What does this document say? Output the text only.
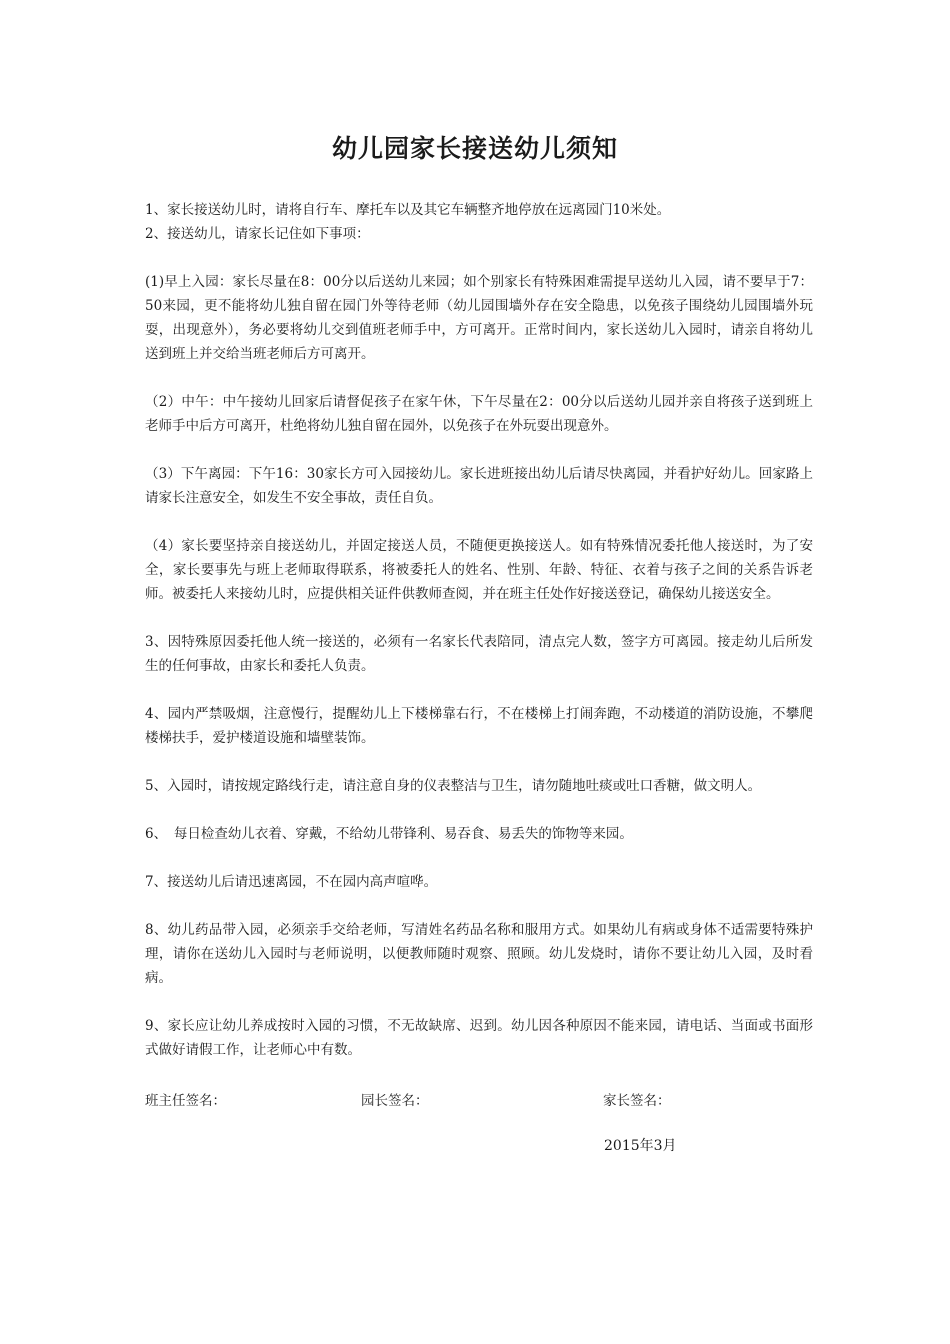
幼儿园家长接送幼儿须知

1、家长接送幼儿时，请将自行车、摩托车以及其它车辆整齐地停放在远离园门10米处。

2、接送幼儿，请家长记住如下事项：

(1)早上入园：家长尽量在8：00分以后送幼儿来园；如个别家长有特殊困难需提早送幼儿入园，请不要早于7：50来园，更不能将幼儿独自留在园门外等待老师（幼儿园围墙外存在安全隐患，以免孩子围绕幼儿园围墙外玩耍，出现意外），务必要将幼儿交到值班老师手中，方可离开。正常时间内，家长送幼儿入园时，请亲自将幼儿送到班上并交给当班老师后方可离开。

（2）中午：中午接幼儿回家后请督促孩子在家午休，下午尽量在2：00分以后送幼儿园并亲自将孩子送到班上老师手中后方可离开，杜绝将幼儿独自留在园外，以免孩子在外玩耍出现意外。

（3）下午离园：下午16：30家长方可入园接幼儿。家长进班接出幼儿后请尽快离园，并看护好幼儿。回家路上请家长注意安全，如发生不安全事故，责任自负。

（4）家长要坚持亲自接送幼儿，并固定接送人员，不随便更换接送人。如有特殊情况委托他人接送时，为了安全，家长要事先与班上老师取得联系，将被委托人的姓名、性别、年龄、特征、衣着与孩子之间的关系告诉老师。被委托人来接幼儿时，应提供相关证件供教师查阅，并在班主任处作好接送登记，确保幼儿接送安全。

3、因特殊原因委托他人统一接送的，必须有一名家长代表陪同，清点完人数，签字方可离园。接走幼儿后所发生的任何事故，由家长和委托人负责。

4、园内严禁吸烟，注意慢行，提醒幼儿上下楼梯靠右行，不在楼梯上打闹奔跑，不动楼道的消防设施，不攀爬楼梯扶手，爱护楼道设施和墙壁装饰。

5、入园时，请按规定路线行走，请注意自身的仪表整洁与卫生，请勿随地吐痰或吐口香糖，做文明人。

6、　每日检查幼儿衣着、穿戴，不给幼儿带锋利、易吞食、易丢失的饰物等来园。

7、接送幼儿后请迅速离园，不在园内高声喧哗。

8、幼儿药品带入园，必须亲手交给老师，写清姓名药品名称和服用方式。如果幼儿有病或身体不适需要特殊护理，请你在送幼儿入园时与老师说明，以便教师随时观察、照顾。幼儿发烧时，请你不要让幼儿入园，及时看病。

9、家长应让幼儿养成按时入园的习惯，不无故缺席、迟到。幼儿因各种原因不能来园，请电话、当面或书面形式做好请假工作，让老师心中有数。

班主任签名：	园长签名：	家长签名：
2015年3月
